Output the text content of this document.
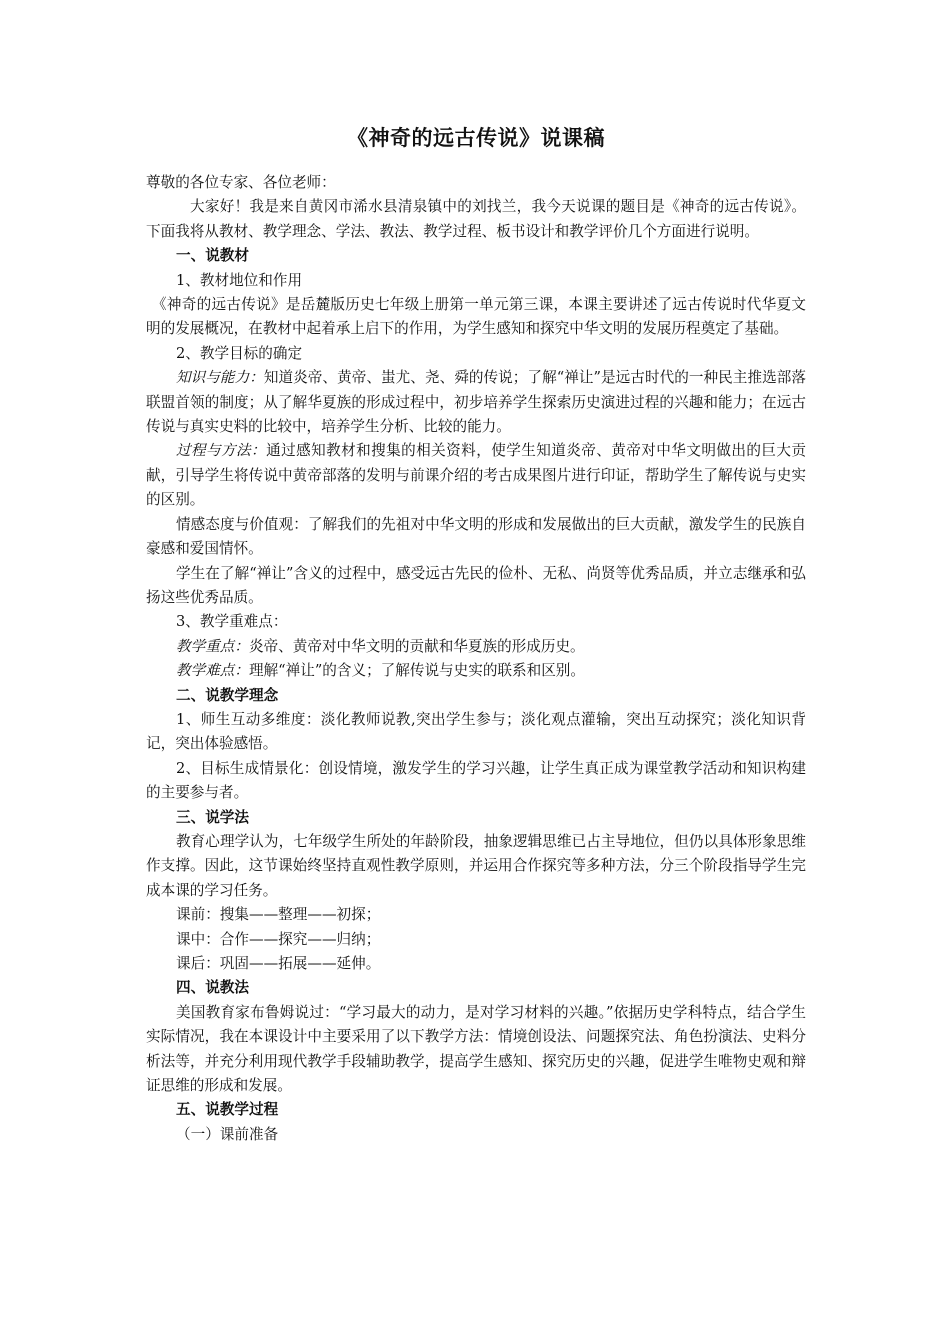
《神奇的远古传说》说课稿

尊敬的各位专家、各位老师：

大家好！我是来自黄冈市浠水县清泉镇中的刘找兰，我今天说课的题目是《神奇的远古传说》。下面我将从教材、教学理念、学法、教法、教学过程、板书设计和教学评价几个方面进行说明。

一、说教材

1、教材地位和作用

《神奇的远古传说》是岳麓版历史七年级上册第一单元第三课，本课主要讲述了远古传说时代华夏文明的发展概况，在教材中起着承上启下的作用，为学生感知和探究中华文明的发展历程奠定了基础。

2、教学目标的确定

知识与能力：知道炎帝、黄帝、蚩尤、尧、舜的传说；了解“禅让”是远古时代的一种民主推选部落联盟首领的制度；从了解华夏族的形成过程中，初步培养学生探索历史演进过程的兴趣和能力；在远古传说与真实史料的比较中，培养学生分析、比较的能力。

过程与方法：通过感知教材和搜集的相关资料，使学生知道炎帝、黄帝对中华文明做出的巨大贡献，引导学生将传说中黄帝部落的发明与前课介绍的考古成果图片进行印证，帮助学生了解传说与史实的区别。

情感态度与价值观：了解我们的先祖对中华文明的形成和发展做出的巨大贡献，激发学生的民族自豪感和爱国情怀。

学生在了解“禅让”含义的过程中，感受远古先民的俭朴、无私、尚贤等优秀品质，并立志继承和弘扬这些优秀品质。

3、教学重难点：

教学重点：炎帝、黄帝对中华文明的贡献和华夏族的形成历史。

教学难点：理解“禅让”的含义；了解传说与史实的联系和区别。

二、说教学理念

1、师生互动多维度：淡化教师说教,突出学生参与；淡化观点灌输，突出互动探究；淡化知识背记，突出体验感悟。

2、目标生成情景化：创设情境，激发学生的学习兴趣，让学生真正成为课堂教学活动和知识构建的主要参与者。

三、说学法

教育心理学认为，七年级学生所处的年龄阶段，抽象逻辑思维已占主导地位，但仍以具体形象思维作支撑。因此，这节课始终坚持直观性教学原则，并运用合作探究等多种方法，分三个阶段指导学生完成本课的学习任务。

课前：搜集——整理——初探；

课中：合作——探究——归纳；

课后：巩固——拓展——延伸。

四、说教法

美国教育家布鲁姆说过：“学习最大的动力，是对学习材料的兴趣。”依据历史学科特点，结合学生实际情况，我在本课设计中主要采用了以下教学方法：情境创设法、问题探究法、角色扮演法、史料分析法等，并充分利用现代教学手段辅助教学，提高学生感知、探究历史的兴趣，促进学生唯物史观和辩证思维的形成和发展。

五、说教学过程

（一）课前准备
